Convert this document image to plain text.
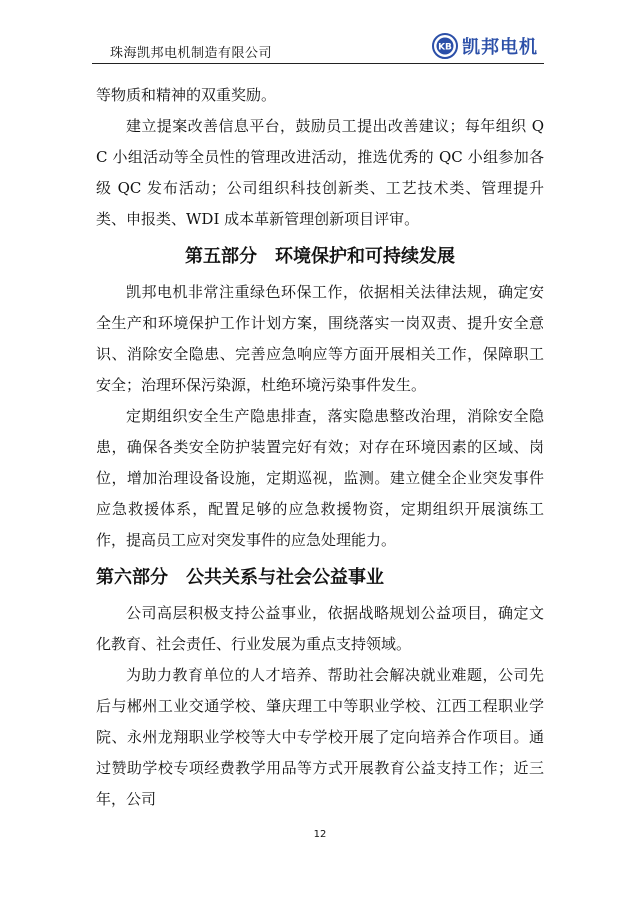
珠海凯邦电机制造有限公司	KB 凯邦电机

等物质和精神的双重奖励。

建立提案改善信息平台，鼓励员工提出改善建议；每年组织 QC 小组活动等全员性的管理改进活动，推选优秀的 QC 小组参加各级 QC 发布活动；公司组织科技创新类、工艺技术类、管理提升类、申报类、WDI 成本革新管理创新项目评审。

第五部分　环境保护和可持续发展

凯邦电机非常注重绿色环保工作，依据相关法律法规，确定安全生产和环境保护工作计划方案，围绕落实一岗双责、提升安全意识、消除安全隐患、完善应急响应等方面开展相关工作，保障职工安全；治理环保污染源，杜绝环境污染事件发生。

定期组织安全生产隐患排查，落实隐患整改治理，消除安全隐患，确保各类安全防护装置完好有效；对存在环境因素的区域、岗位，增加治理设备设施，定期巡视，监测。建立健全企业突发事件应急救援体系，配置足够的应急救援物资，定期组织开展演练工作，提高员工应对突发事件的应急处理能力。

第六部分　公共关系与社会公益事业

公司高层积极支持公益事业，依据战略规划公益项目，确定文化教育、社会责任、行业发展为重点支持领域。

为助力教育单位的人才培养、帮助社会解决就业难题，公司先后与郴州工业交通学校、肇庆理工中等职业学校、江西工程职业学院、永州龙翔职业学校等大中专学校开展了定向培养合作项目。通过赞助学校专项经费教学用品等方式开展教育公益支持工作；近三年，公司

12
